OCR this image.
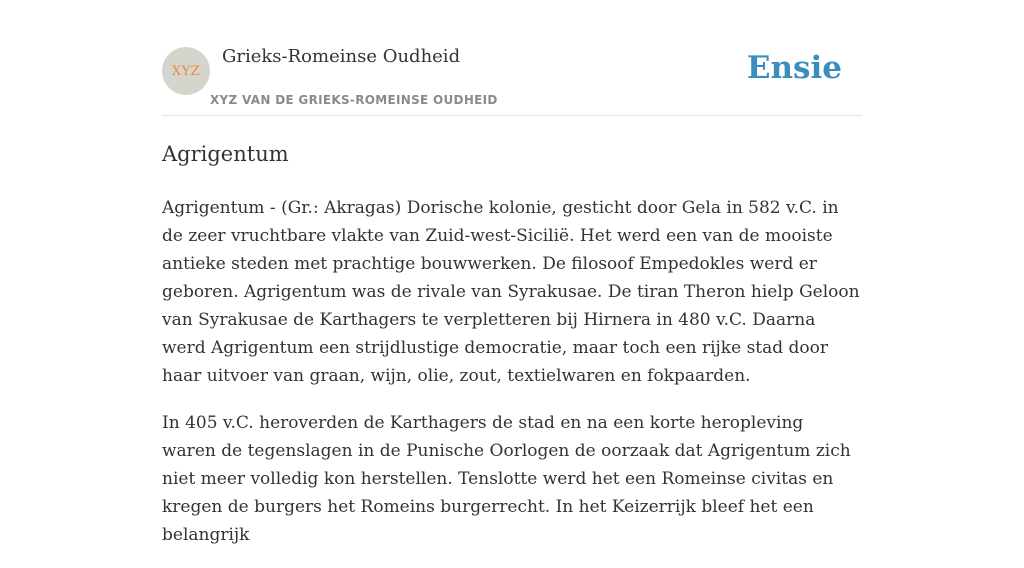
XYZ
Grieks-Romeinse Oudheid
XYZ VAN DE GRIEKS-ROMEINSE OUDHEID
Ensie
Agrigentum

Agrigentum - (Gr.: Akragas) Dorische kolonie, gesticht door Gela in 582 v.C. in de zeer vruchtbare vlakte van Zuid-west-Sicilië. Het werd een van de mooiste antieke steden met prachtige bouwwerken. De filosoof Empedokles werd er geboren. Agrigentum was de rivale van Syrakusae. De tiran Theron hielp Geloon van Syrakusae de Karthagers te verpletteren bij Hirnera in 480 v.C. Daarna werd Agrigentum een strijdlustige democratie, maar toch een rijke stad door haar uitvoer van graan, wijn, olie, zout, textielwaren en fokpaarden.

In 405 v.C. heroverden de Karthagers de stad en na een korte heropleving waren de tegenslagen in de Punische Oorlogen de oorzaak dat Agrigentum zich niet meer volledig kon herstellen. Tenslotte werd het een Romeinse civitas en kregen de burgers het Romeins burgerrecht. In het Keizerrijk bleef het een belangrijk
